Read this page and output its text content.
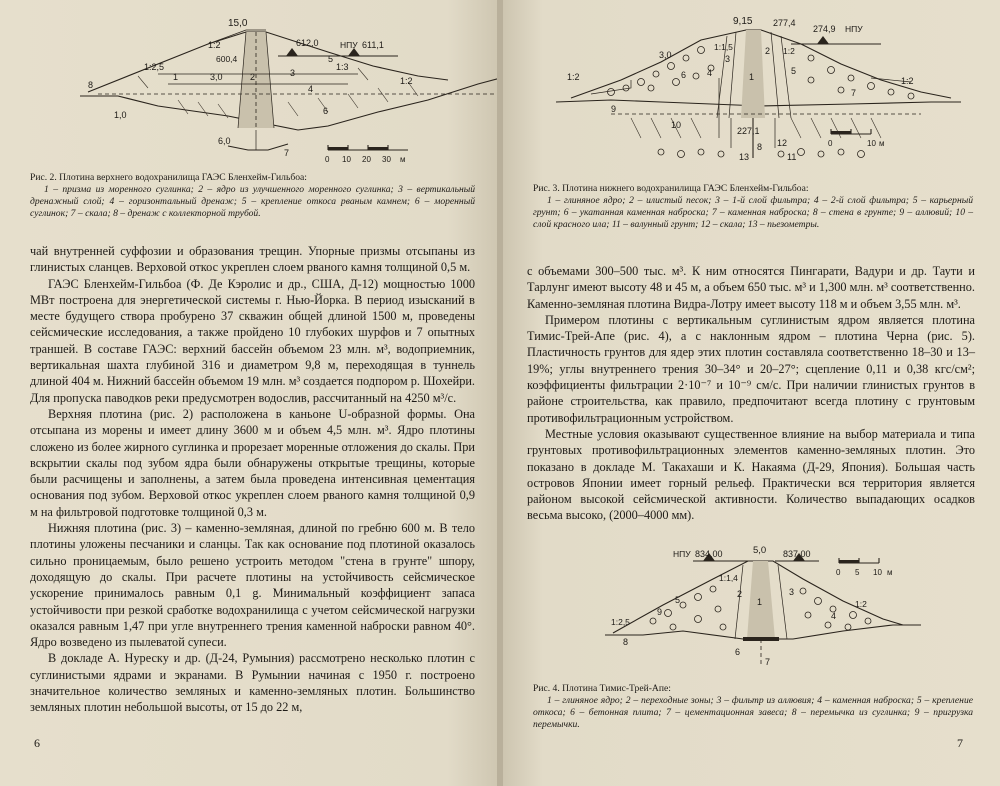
15,0
1:2
1:2,5
612,0	НПУ 611,1
1:3
1:2
600,4
3,0
1,0
6,0
1	2	3
4
5
6
7
8
0 10 20 30 м
Рис. 2. Плотина верхнего водохранилища ГАЭС Бленхейм-Гильбоа:
1 – призма из моренного суглинка; 2 – ядро из улучшенного моренного суглинка; 3 – вертикальный дренажный слой; 4 – горизонтальный дренаж; 5 – крепление откоса рваным камнем; 6 – моренный суглинок; 7 – скала; 8 – дренаж с коллекторной трубой.

чай внутренней суффозии и образования трещин. Упорные призмы отсыпаны из глинистых сланцев. Верховой откос укреплен слоем рваного камня толщиной 0,5 м.

ГАЭС Бленхейм-Гильбоа (Ф. Де Кэролис и др., США, Д-12) мощностью 1000 МВт построена для энергетической системы г. Нью-Йорка. В период изысканий в месте будущего створа пробурено 37 скважин общей длиной 1500 м, проведены сейсмические исследования, а также пройдено 10 глубоких шурфов и 7 опытных траншей. В составе ГАЭС: верхний бассейн объемом 23 млн. м³, водоприемник, вертикальная шахта глубиной 316 и диаметром 9,8 м, переходящая в туннель длиной 404 м. Нижний бассейн объемом 19 млн. м³ создается подпором р. Шохейри. Для пропуска паводков реки предусмотрен водослив, рассчитанный на 4250 м³/с.

Верхняя плотина (рис. 2) расположена в каньоне U-образной формы. Она отсыпана из морены и имеет длину 3600 м и объем 4,5 млн. м³. Ядро плотины сложено из более жирного суглинка и прорезает моренные отложения до скалы. При вскрытии скалы под зубом ядра были обнаружены открытые трещины, которые были расчищены и заполнены, а затем была проведена интенсивная цементация основания под зубом. Верховой откос укреплен слоем рваного камня толщиной 0,9 м на фильтровой подготовке толщиной 0,3 м.

Нижняя плотина (рис. 3) – каменно-земляная, длиной по гребню 600 м. В тело плотины уложены песчаники и сланцы. Так как основание под плотиной оказалось сильно проницаемым, было решено устроить методом "стена в грунте" шпору, доходящую до скалы. При расчете плотины на устойчивость сейсмическое ускорение принималось равным 0,1 g. Минимальный коэффициент запаса устойчивости при резкой сработке водохранилища с учетом сейсмической нагрузки оказался равным 1,47 при угле внутреннего трения каменной наброски равном 40°. Ядро возведено из пылеватой супеси.

В докладе А. Нуреску и др. (Д-24, Румыния) рассмотрено несколько плотин с суглинистыми ядрами и экранами. В Румынии начиная с 1950 г. построено значительное количество земляных и каменно-земляных плотин. Большинство земляных плотин небольшой высоты, от 15 до 22 м,

6
9,15 277,4
274,9 НПУ
3,0
1:2	1:2
1:1,5	1:2
227,1
0	10 м
1
2
3
4	5
6
7
8
9
10
11
12
13
Рис. 3. Плотина нижнего водохранилища ГАЭС Бленхейм-Гильбоа:
1 – глиняное ядро; 2 – илистый песок; 3 – 1-й слой фильтра; 4 – 2-й слой фильтра; 5 – карьерный грунт; 6 – укатанная каменная наброска; 7 – каменная наброска; 8 – стена в грунте; 9 – аллювий; 10 – слой красного ила; 11 – валунный грунт; 12 – скала; 13 – пьезометры.

с объемами 300–500 тыс. м³. К ним относятся Пингарати, Вадури и др. Таути и Тарлунг имеют высоту 48 и 45 м, а объем 650 тыс. м³ и 1,300 млн. м³ соответственно. Каменно-земляная плотина Видра-Лотру имеет высоту 118 м и объем 3,55 млн. м³.

Примером плотины с вертикальным суглинистым ядром является плотина Тимис-Трей-Апе (рис. 4), а с наклонным ядром – плотина Черна (рис. 5). Пластичность грунтов для ядер этих плотин составляла соответственно 18–30 и 13–19%; углы внутреннего трения 30–34° и 20–27°; сцепление 0,11 и 0,38 кгс/см²; коэффициенты фильтрации 2·10⁻⁷ и 10⁻⁹ см/с. При наличии глинистых грунтов в районе строительства, как правило, предпочитают всегда плотину с грунтовым противофильтрационным устройством.

Местные условия оказывают существенное влияние на выбор материала и типа грунтовых противофильтрационных элементов каменно-земляных плотин. Это показано в докладе М. Такахаши и К. Накаяма (Д-29, Япония). Большая часть островов Японии имеет горный рельеф. Практически вся территория является районом высокой сейсмической активности. Количество выпадающих осадков весьма высоко, (2000–4000 мм).

5,0
НПУ 834,00	837,00
1:1,4
1:2,5
1:2
0 5 10 м
1
2	3
4
5
6
7
8
9
Рис. 4. Плотина Тимис-Трей-Апе:
1 – глиняное ядро; 2 – переходные зоны; 3 – фильтр из аллювия; 4 – каменная наброска; 5 – крепление откоса; 6 – бетонная плита; 7 – цементационная завеса; 8 – перемычка из суглинка; 9 – пригрузка перемычки.
7
